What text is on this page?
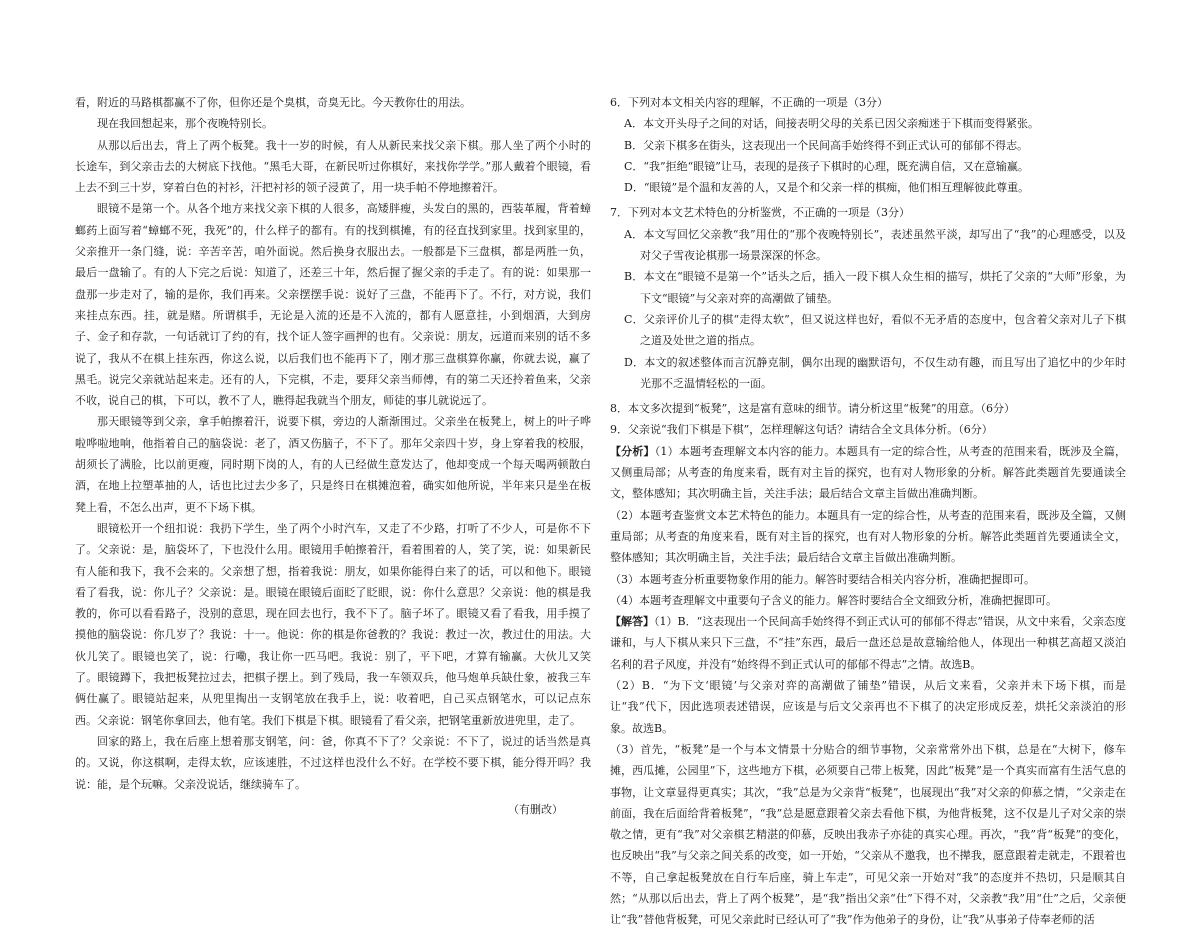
看，附近的马路棋都赢不了你，但你还是个臭棋，奇臭无比。今天教你仕的用法。

现在我回想起来，那个夜晚特别长。

从那以后出去，背上了两个板凳。我十一岁的时候，有人从新民来找父亲下棋。那人坐了两个小时的长途车，到父亲击去的大树底下找他。“黑毛大哥，在新民听过你棋好，来找你学学。”那人戴着个眼镜，看上去不到三十岁，穿着白色的衬衫，汗把衬衫的领子浸黄了，用一块手帕不停地擦着汗。

眼镜不是第一个。从各个地方来找父亲下棋的人很多，高矮胖瘦，头发白的黑的，西装革履，背着蟑螂药上面写着“蟑螂不死，我死”的，什么样子的都有。有的找到棋摊，有的径直找到家里。找到家里的，父亲推开一条门缝，说：辛苦辛苦，咱外面说。然后换身衣服出去。一般都是下三盘棋，都是两胜一负，最后一盘输了。有的人下完之后说：知道了，还差三十年，然后握了握父亲的手走了。有的说：如果那一盘那一步走对了，输的是你，我们再来。父亲摆摆手说：说好了三盘，不能再下了。不行，对方说，我们来挂点东西。挂，就是赌。所谓棋手，无论是入流的还是不入流的，都有人愿意挂，小到烟酒，大到房子、金子和存款，一句话就订了约的有，找个证人签字画押的也有。父亲说：朋友，远道而来别的话不多说了，我从不在棋上挂东西，你这么说，以后我们也不能再下了，刚才那三盘棋算你赢，你就去说，赢了黑毛。说完父亲就站起来走。还有的人，下完棋，不走，要拜父亲当师傅，有的第二天还拎着鱼来，父亲不收，说自己的棋，下可以，教不了人，瞧得起我就当个朋友，师徒的事儿就说远了。

那天眼镜等到父亲，拿手帕擦着汗，说要下棋，旁边的人渐渐围过。父亲坐在板凳上，树上的叶子哗啦哗啦地响，他指着自己的脑袋说：老了，酒又伤脑子，不下了。那年父亲四十岁，身上穿着我的校服，胡须长了满脸，比以前更瘦，同时期下岗的人，有的人已经做生意发达了，他却变成一个每天喝两顿散白酒，在地上拉塑革抽的人，话也比过去少多了，只是终日在棋摊泡着，确实如他所说，半年来只是坐在板凳上看，不怎么出声，更不下场下棋。

眼镜松开一个纽扣说：我扔下学生，坐了两个小时汽车，又走了不少路，打听了不少人，可是你不下了。父亲说：是，脑袋坏了，下也没什么用。眼镜用手帕擦着汗，看着围着的人，笑了笑，说：如果新民有人能和我下，我不会来的。父亲想了想，指着我说：朋友，如果你能得白来了的话，可以和他下。眼镜看了看我，说：你儿子？父亲说：是。眼镜在眼镜后面眨了眨眼，说：你什么意思？父亲说：他的棋是我教的，你可以看看路子，没别的意思，现在回去也行，我不下了。脑子坏了。眼镜又看了看我，用手摸了摸他的脑袋说：你几岁了？我说：十一。他说：你的棋是你爸教的？我说：教过一次，教过仕的用法。大伙儿笑了。眼镜也笑了，说：行嘞，我让你一匹马吧。我说：别了，平下吧，才算有输赢。大伙儿又笑了。眼镜蹲下，我把板凳拉过去，把棋子摆上。到了残局，我一车领双兵，他马炮单兵缺仕象，被我三车俩仕赢了。眼镜站起来，从兜里掏出一支钢笔放在我手上，说：收着吧，自己买点钢笔水，可以记点东西。父亲说：钢笔你拿回去，他有笔。我们下棋是下棋。眼镜看了看父亲，把钢笔重新放进兜里，走了。

回家的路上，我在后座上想着那支钢笔，问：爸，你真不下了？父亲说：不下了，说过的话当然是真的。又说，你这棋啊，走得太软，应该速胜，不过这样也没什么不好。在学校不要下棋，能分得开吗？我说：能，是个玩嘛。父亲没说话，继续骑车了。

（有删改）

6．下列对本文相关内容的理解，不正确的一项是（3分）

A．本文开头母子之间的对话，间接表明父母的关系已因父亲痴迷于下棋而变得紧张。

B．父亲下棋多在街头，这表现出一个民间高手始终得不到正式认可的郁郁不得志。

C．“我”拒绝“眼镜”让马，表现的是孩子下棋时的心理，既充满自信，又在意输赢。

D．“眼镜”是个温和友善的人，又是个和父亲一样的棋痴，他们相互理解彼此尊重。

7．下列对本文艺术特色的分析鉴赏，不正确的一项是（3分）

A．本文写回忆父亲教“我”用仕的“那个夜晚特别长”，表述虽然平淡，却写出了“我”的心理感受，以及对父子雪夜论棋那一场景深深的怀念。

B．本文在“眼镜不是第一个”话头之后，插入一段下棋人众生相的描写，烘托了父亲的“大师”形象，为下文“眼镜”与父亲对弈的高潮做了铺垫。

C．父亲评价儿子的棋“走得太软”，但又说这样也好，看似不无矛盾的态度中，包含着父亲对儿子下棋之道及处世之道的指点。

D．本文的叙述整体而言沉静克制，偶尔出现的幽默语句，不仅生动有趣，而且写出了追忆中的少年时光那不乏温情轻松的一面。

8．本文多次提到“板凳”，这是富有意味的细节。请分析这里“板凳”的用意。（6分）

9．父亲说“我们下棋是下棋”，怎样理解这句话？请结合全文具体分析。（6分）

【分析】（1）本题考查理解文本内容的能力。本题具有一定的综合性，从考查的范围来看，既涉及全篇，又侧重局部；从考查的角度来看，既有对主旨的探究，也有对人物形象的分析。解答此类题首先要通读全文，整体感知；其次明确主旨，关注手法；最后结合文章主旨做出准确判断。

（2）本题考查鉴赏文本艺术特色的能力。本题具有一定的综合性，从考查的范围来看，既涉及全篇，又侧重局部；从考查的角度来看，既有对主旨的探究，也有对人物形象的分析。解答此类题首先要通读全文，整体感知；其次明确主旨，关注手法；最后结合文章主旨做出准确判断。

（3）本题考查分析重要物象作用的能力。解答时要结合相关内容分析，准确把握即可。

（4）本题考查理解文中重要句子含义的能力。解答时要结合全文细致分析，准确把握即可。

【解答】（1）B．“这表现出一个民间高手始终得不到正式认可的郁郁不得志”错误，从文中来看，父亲态度谦和，与人下棋从来只下三盘，不“挂”东西，最后一盘还总是故意输给他人，体现出一种棋艺高超又淡泊名利的君子风度，并没有“始终得不到正式认可的郁郁不得志”之情。故选B。

（2）B．“为下文‘眼镜’与父亲对弈的高潮做了铺垫”错误，从后文来看，父亲并未下场下棋，而是让“我”代下，因此选项表述错误，应该是与后文父亲再也不下棋了的决定形成反差，烘托父亲淡泊的形象。故选B。

（3）首先，“板凳”是一个与本文情景十分贴合的细节事物，父亲常常外出下棋，总是在“大树下，修车摊，西瓜摊，公园里”下，这些地方下棋，必须要自己带上板凳，因此“板凳”是一个真实而富有生活气息的事物，让文章显得更真实；其次，“我”总是为父亲背“板凳”，也展现出“我”对父亲的仰慕之情，“父亲走在前面，我在后面给背着板凳”，“我”总是愿意跟着父亲去看他下棋，为他背板凳，这不仅是儿子对父亲的崇敬之情，更有“我”对父亲棋艺精湛的仰慕，反映出我赤子亦徒的真实心理。再次，“我”背“板凳”的变化，也反映出“我”与父亲之间关系的改变，如一开始，“父亲从不邀我，也不撵我，愿意跟着走就走，不跟着也不等，自己拿起板凳放在自行车后座，骑上车走”，可见父亲一开始对“我”的态度并不热切，只是顺其自然；“从那以后出去，背上了两个板凳”，是“我”指出父亲“仕”下得不对，父亲教“我”用“仕”之后，父亲便让“我”替他背板凳，可见父亲此时已经认可了“我”作为他弟子的身份，让“我”从事弟子侍奉老师的活
